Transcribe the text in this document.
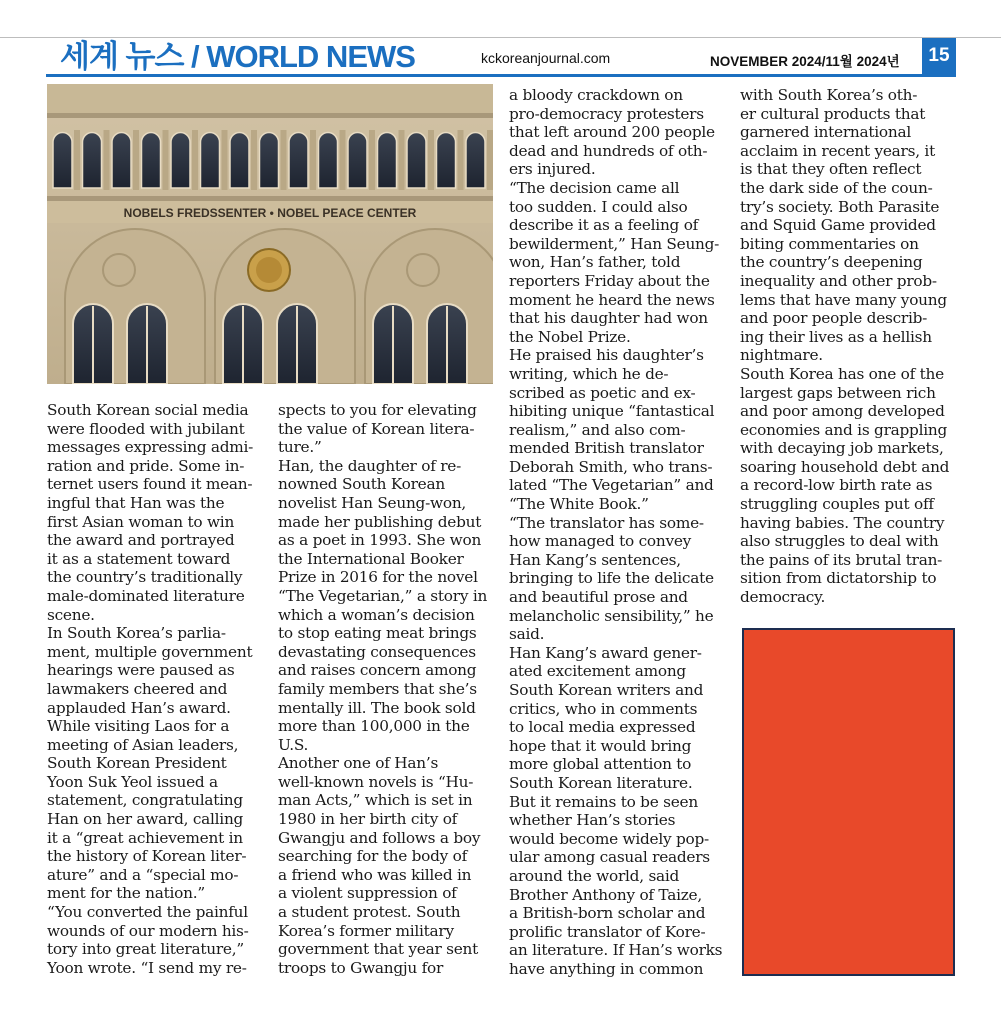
세계 뉴스 / WORLD NEWS	kckoreanjournal.com	NOVEMBER 2024/11월 2024년	15
NOBELS FREDSSENTER • NOBEL PEACE CENTER
South Korean social media
were flooded with jubilant
messages expressing admi-
ration and pride. Some in-
ternet users found it mean-
ingful that Han was the
first Asian woman to win
the award and portrayed
it as a statement toward
the country’s traditionally
male-dominated literature
scene.
In South Korea’s parlia-
ment, multiple government
hearings were paused as
lawmakers cheered and
applauded Han’s award.
While visiting Laos for a
meeting of Asian leaders,
South Korean President
Yoon Suk Yeol issued a
statement, congratulating
Han on her award, calling
it a “great achievement in
the history of Korean liter-
ature” and a “special mo-
ment for the nation.”
“You converted the painful
wounds of our modern his-
tory into great literature,”
Yoon wrote. “I send my re-
spects to you for elevating
the value of Korean litera-
ture.”
Han, the daughter of re-
nowned South Korean
novelist Han Seung-won,
made her publishing debut
as a poet in 1993. She won
the International Booker
Prize in 2016 for the novel
“The Vegetarian,” a story in
which a woman’s decision
to stop eating meat brings
devastating consequences
and raises concern among
family members that she’s
mentally ill. The book sold
more than 100,000 in the
U.S.
Another one of Han’s
well-known novels is “Hu-
man Acts,” which is set in
1980 in her birth city of
Gwangju and follows a boy
searching for the body of
a friend who was killed in
a violent suppression of
a student protest. South
Korea’s former military
government that year sent
troops to Gwangju for
a bloody crackdown on
pro-democracy protesters
that left around 200 people
dead and hundreds of oth-
ers injured.
“The decision came all
too sudden. I could also
describe it as a feeling of
bewilderment,” Han Seung-
won, Han’s father, told
reporters Friday about the
moment he heard the news
that his daughter had won
the Nobel Prize.
He praised his daughter’s
writing, which he de-
scribed as poetic and ex-
hibiting unique “fantastical
realism,” and also com-
mended British translator
Deborah Smith, who trans-
lated “The Vegetarian” and
“The White Book.”
“The translator has some-
how managed to convey
Han Kang’s sentences,
bringing to life the delicate
and beautiful prose and
melancholic sensibility,” he
said.
Han Kang’s award gener-
ated excitement among
South Korean writers and
critics, who in comments
to local media expressed
hope that it would bring
more global attention to
South Korean literature.
But it remains to be seen
whether Han’s stories
would become widely pop-
ular among casual readers
around the world, said
Brother Anthony of Taize,
a British-born scholar and
prolific translator of Kore-
an literature. If Han’s works
have anything in common
with South Korea’s oth-
er cultural products that
garnered international
acclaim in recent years, it
is that they often reflect
the dark side of the coun-
try’s society. Both Parasite
and Squid Game provided
biting commentaries on
the country’s deepening
inequality and other prob-
lems that have many young
and poor people describ-
ing their lives as a hellish
nightmare.
South Korea has one of the
largest gaps between rich
and poor among developed
economies and is grappling
with decaying job markets,
soaring household debt and
a record-low birth rate as
struggling couples put off
having babies. The country
also struggles to deal with
the pains of its brutal tran-
sition from dictatorship to
democracy.
